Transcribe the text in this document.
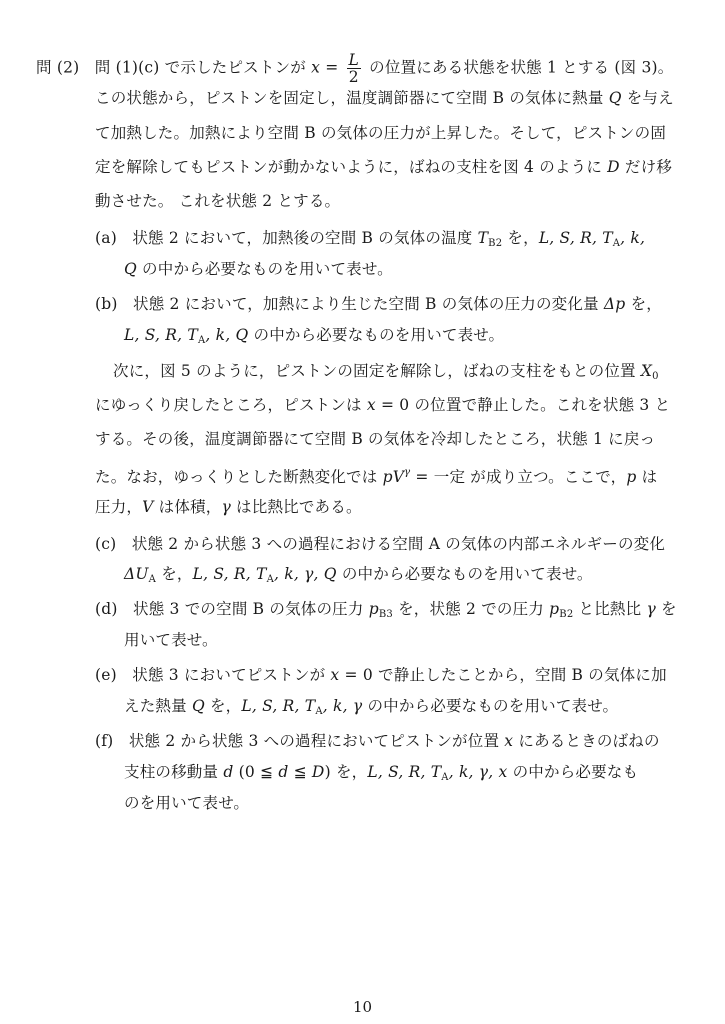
問 (2) 問 (1)(c) で示したピストンが $x = \frac{L}{2}$ の位置にある状態を状態 1 とする (図 3)。
この状態から，ピストンを固定し，温度調節器にて空間 B の気体に熱量 Q を与え
て加熱した。加熱により空間 B の気体の圧力が上昇した。そして，ピストンの固
定を解除してもピストンが動かないように，ばねの支柱を図 4 のように D だけ移
動させた。 これを状態 2 とする。
(a) 状態 2 において，加熱後の空間 B の気体の温度 $T_{B2}$ を，L, S, R, $T_A$, k,
Q の中から必要なものを用いて表せ。
(b) 状態 2 において，加熱により生じた空間 B の気体の圧力の変化量 Δp を，
L, S, R, $T_A$, k, Q の中から必要なものを用いて表せ。
次に，図 5 のように，ピストンの固定を解除し，ばねの支柱をもとの位置 $X_0$
にゆっくり戻したところ，ピストンは x = 0 の位置で静止した。これを状態 3 と
する。その後，温度調節器にて空間 B の気体を冷却したところ，状態 1 に戻っ
た。なお，ゆっくりとした断熱変化では $pV^\gamma$ = 一定 が成り立つ。ここで，p は
圧力，V は体積，γ は比熱比である。
(c) 状態 2 から状態 3 への過程における空間 A の気体の内部エネルギーの変化
$\Delta U_A$ を，L, S, R, $T_A$, k, γ, Q の中から必要なものを用いて表せ。
(d) 状態 3 での空間 B の気体の圧力 $p_{B3}$ を，状態 2 での圧力 $p_{B2}$ と比熱比 γ を
用いて表せ。
(e) 状態 3 においてピストンが x = 0 で静止したことから，空間 B の気体に加
えた熱量 Q を，L, S, R, $T_A$, k, γ の中から必要なものを用いて表せ。
(f) 状態 2 から状態 3 への過程においてピストンが位置 x にあるときのばねの
支柱の移動量 d (0 ≦ d ≦ D) を，L, S, R, $T_A$, k, γ, x の中から必要なも
のを用いて表せ。
10
